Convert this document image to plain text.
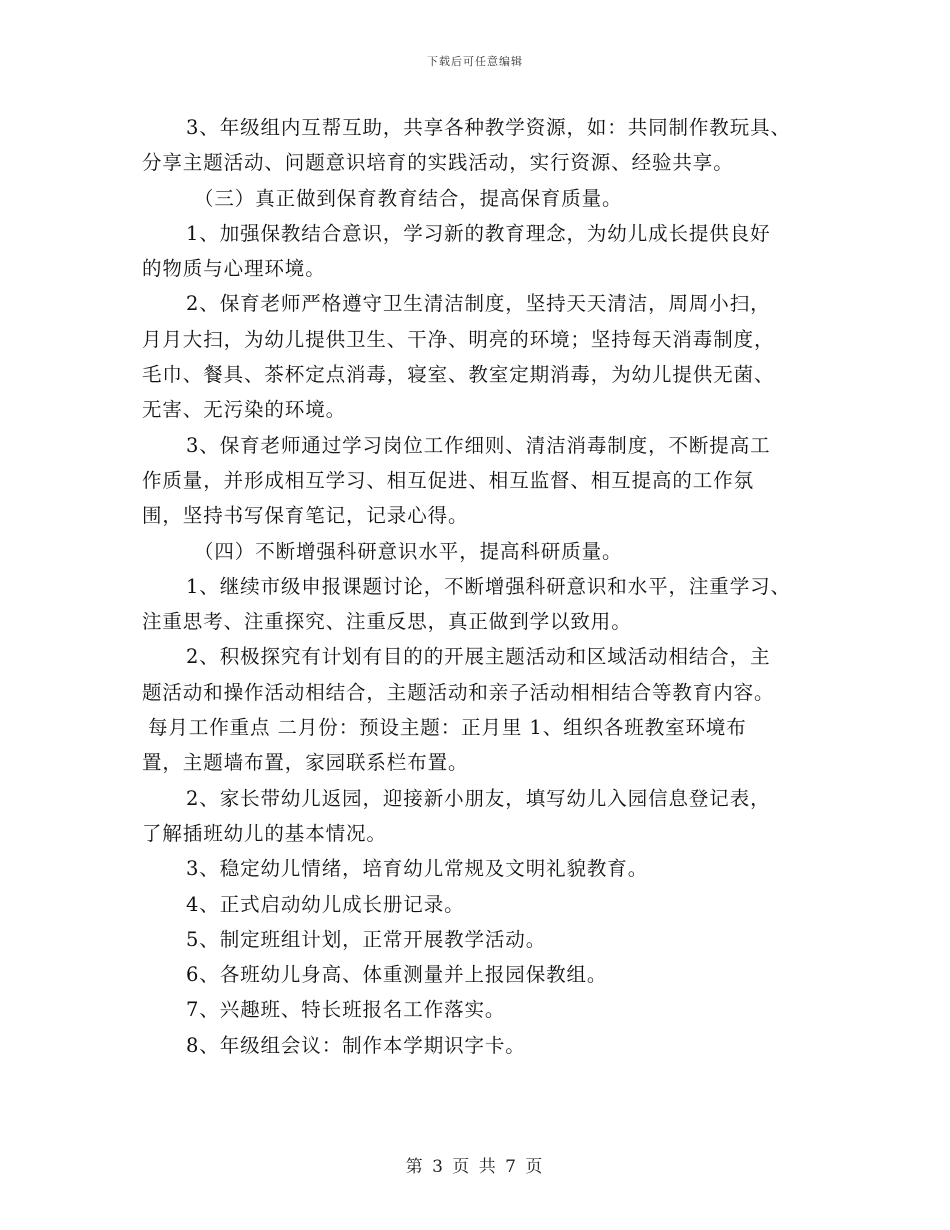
下载后可任意编辑
3、年级组内互帮互助，共享各种教学资源，如：共同制作教玩具、
分享主题活动、问题意识培育的实践活动，实行资源、经验共享。
（三）真正做到保育教育结合，提高保育质量。
1、加强保教结合意识，学习新的教育理念，为幼儿成长提供良好
的物质与心理环境。
2、保育老师严格遵守卫生清洁制度，坚持天天清洁，周周小扫，
月月大扫，为幼儿提供卫生、干净、明亮的环境；坚持每天消毒制度，
毛巾、餐具、茶杯定点消毒，寝室、教室定期消毒，为幼儿提供无菌、
无害、无污染的环境。
3、保育老师通过学习岗位工作细则、清洁消毒制度，不断提高工
作质量，并形成相互学习、相互促进、相互监督、相互提高的工作氛
围，坚持书写保育笔记，记录心得。
（四）不断增强科研意识水平，提高科研质量。
1、继续市级申报课题讨论，不断增强科研意识和水平，注重学习、
注重思考、注重探究、注重反思，真正做到学以致用。
2、积极探究有计划有目的的开展主题活动和区域活动相结合，主
题活动和操作活动相结合，主题活动和亲子活动相相结合等教育内容。
每月工作重点 二月份：预设主题：正月里 1、组织各班教室环境布
置，主题墙布置，家园联系栏布置。
2、家长带幼儿返园，迎接新小朋友，填写幼儿入园信息登记表，
了解插班幼儿的基本情况。
3、稳定幼儿情绪，培育幼儿常规及文明礼貌教育。
4、正式启动幼儿成长册记录。
5、制定班组计划，正常开展教学活动。
6、各班幼儿身高、体重测量并上报园保教组。
7、兴趣班、特长班报名工作落实。
8、年级组会议：制作本学期识字卡。
第 3 页 共 7 页
